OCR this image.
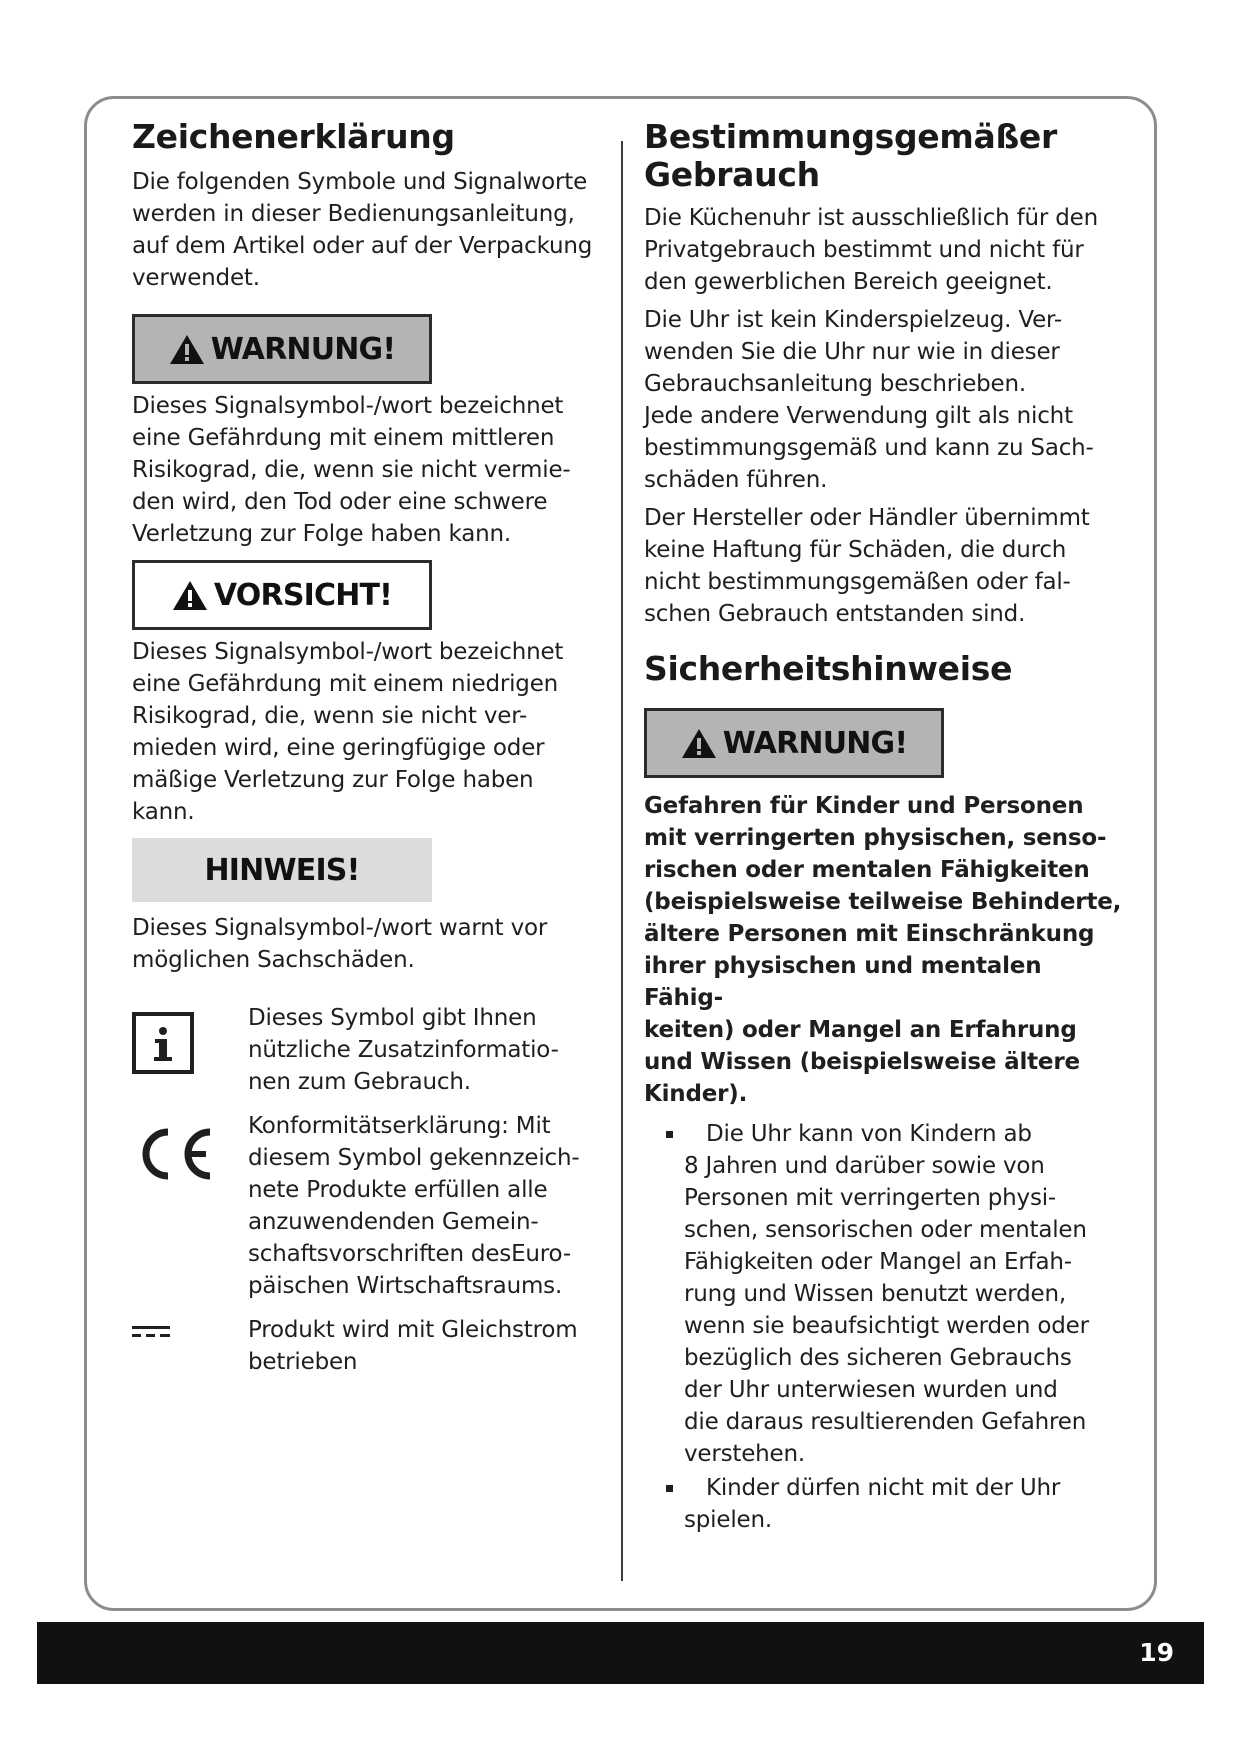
Zeichenerklärung

Die folgenden Symbole und Signalworte
werden in dieser Bedienungsanleitung,
auf dem Artikel oder auf der Verpackung
verwendet.

WARNUNG!

Dieses Signalsymbol-/wort bezeichnet
eine Gefährdung mit einem mittleren
Risikograd, die, wenn sie nicht vermie-
den wird, den Tod oder eine schwere
Verletzung zur Folge haben kann.

VORSICHT!

Dieses Signalsymbol-/wort bezeichnet
eine Gefährdung mit einem niedrigen
Risikograd, die, wenn sie nicht ver-
mieden wird, eine geringfügige oder
mäßige Verletzung zur Folge haben
kann.

HINWEIS!

Dieses Signalsymbol-/wort warnt vor
möglichen Sachschäden.

Dieses Symbol gibt Ihnen
nützliche Zusatzinformatio-
nen zum Gebrauch.

Konformitätserklärung: Mit
diesem Symbol gekennzeich-
nete Produkte erfüllen alle
anzuwendenden Gemein-
schaftsvorschriften desEuro-
päischen Wirtschaftsraums.

Produkt wird mit Gleichstrom
betrieben

Bestimmungsgemäßer
Gebrauch

Die Küchenuhr ist ausschließlich für den
Privatgebrauch bestimmt und nicht für
den gewerblichen Bereich geeignet.

Die Uhr ist kein Kinderspielzeug. Ver-
wenden Sie die Uhr nur wie in dieser
Gebrauchsanleitung beschrieben.
Jede andere Verwendung gilt als nicht
bestimmungsgemäß und kann zu Sach-
schäden führen.

Der Hersteller oder Händler übernimmt
keine Haftung für Schäden, die durch
nicht bestimmungsgemäßen oder fal-
schen Gebrauch entstanden sind.

Sicherheitshinweise
WARNUNG!

Gefahren für Kinder und Personen
mit verringerten physischen, senso-
rischen oder mentalen Fähigkeiten
(beispielsweise teilweise Behinderte,
ältere Personen mit Einschränkung
ihrer physischen und mentalen Fähig-
keiten) oder Mangel an Erfahrung
und Wissen (beispielsweise ältere
Kinder).

Die Uhr kann von Kindern ab
8 Jahren und darüber sowie von
Personen mit verringerten physi-
schen, sensorischen oder mentalen
Fähigkeiten oder Mangel an Erfah-
rung und Wissen benutzt werden,
wenn sie beaufsichtigt werden oder
bezüglich des sicheren Gebrauchs
der Uhr unterwiesen wurden und
die daraus resultierenden Gefahren
verstehen.
Kinder dürfen nicht mit der Uhr
spielen.
19
